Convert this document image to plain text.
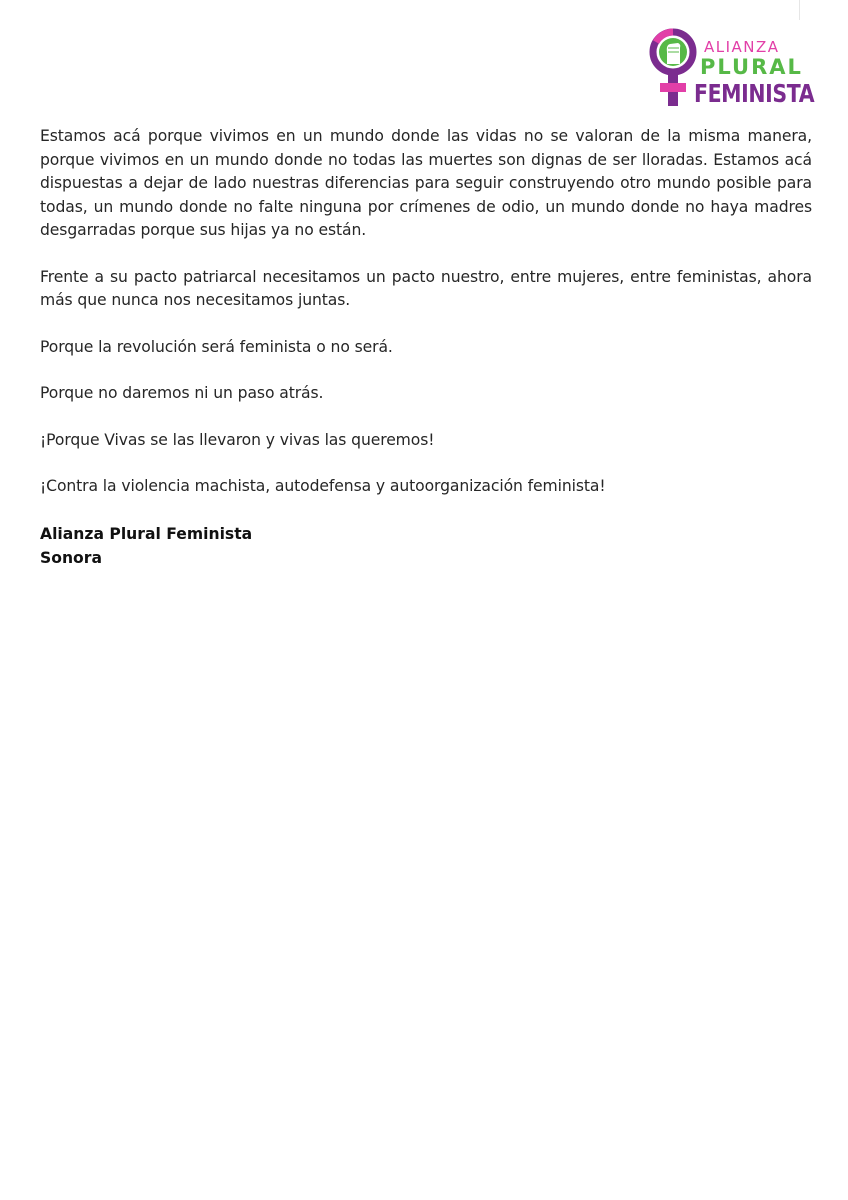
ALIANZA
PLURAL
FEMINISTA

Estamos acá porque vivimos en un mundo donde las vidas no se valoran de la misma manera, porque vivimos en un mundo donde no todas las muertes son dignas de ser lloradas. Estamos acá dispuestas a dejar de lado nuestras diferencias para seguir construyendo otro mundo posible para todas, un mundo donde no falte ninguna por crímenes de odio, un mundo donde no haya madres desgarradas porque sus hijas ya no están.

Frente a su pacto patriarcal necesitamos un pacto nuestro, entre mujeres, entre feministas, ahora más que nunca nos necesitamos juntas.

Porque la revolución será feminista o no será.

Porque no daremos ni un paso atrás.

¡Porque Vivas se las llevaron y vivas las queremos!

¡Contra la violencia machista, autodefensa y autoorganización feminista!

Alianza Plural Feminista

Sonora
